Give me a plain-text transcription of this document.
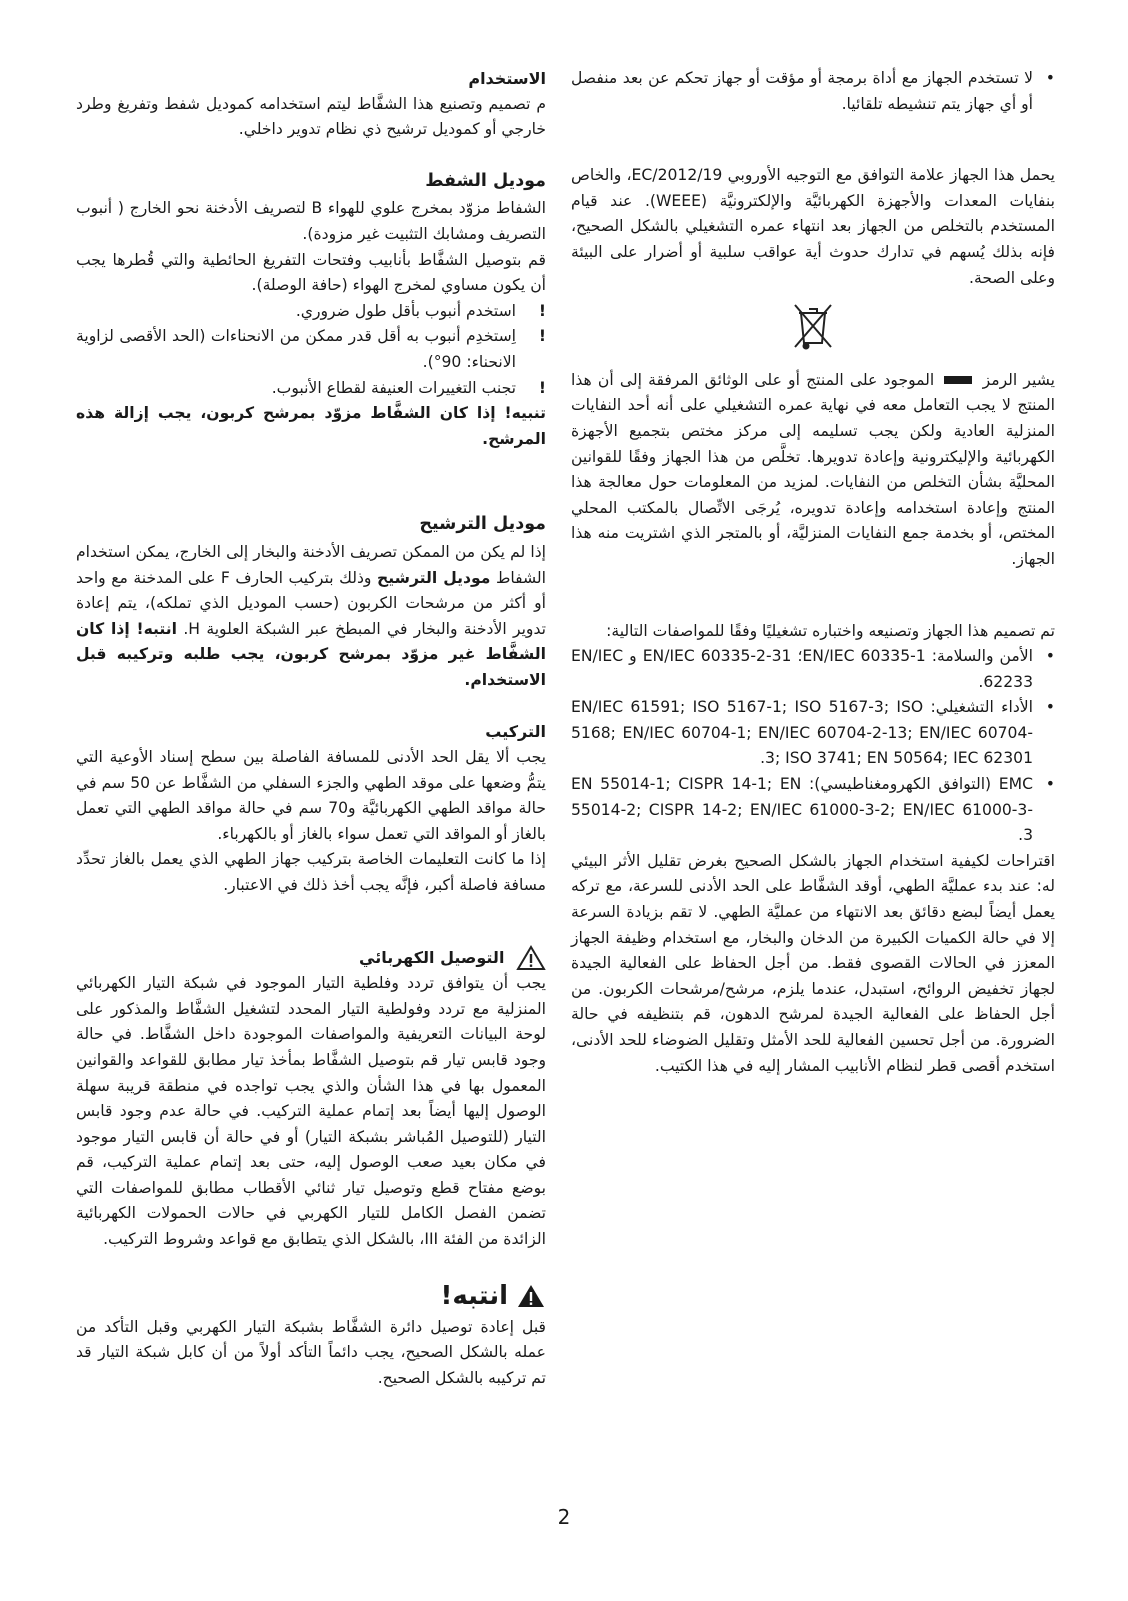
•
لا تستخدم الجهاز مع أداة برمجة أو مؤقت أو جهاز تحكم عن بعد منفصل أو أي جهاز يتم تنشيطه تلقائيا.

يحمل هذا الجهاز علامة التوافق مع التوجيه الأوروبي 2012/19/EC، والخاص بنفايات المعدات والأجهزة الكهربائيَّة والإلكترونيَّة (WEEE). عند قيام المستخدم بالتخلص من الجهاز بعد انتهاء عمره التشغيلي بالشكل الصحيح، فإنه بذلك يُسهم في تدارك حدوث أية عواقب سلبية أو أضرار على البيئة وعلى الصحة.

يشير الرمز  الموجود على المنتج أو على الوثائق المرفقة إلى أن هذا المنتج لا يجب التعامل معه في نهاية عمره التشغيلي على أنه أحد النفايات المنزلية العادية ولكن يجب تسليمه إلى مركز مختص بتجميع الأجهزة الكهربائية والإليكترونية وإعادة تدويرها. تخلَّص من هذا الجهاز وفقًا للقوانين المحليَّة بشأن التخلص من النفايات. لمزيد من المعلومات حول معالجة هذا المنتج وإعادة استخدامه وإعادة تدويره، يُرجَى الاتِّصال بالمكتب المحلي المختص، أو بخدمة جمع النفايات المنزليَّة، أو بالمتجر الذي اشتريت منه هذا الجهاز.

تم تصميم هذا الجهاز وتصنيعه واختباره تشغيليًا وفقًا للمواصفات التالية:

•
الأمن والسلامة: EN/IEC 60335-1؛ EN/IEC 60335-2-31 و EN/IEC 62233.
•
الأداء التشغيلي: EN/IEC 61591; ISO 5167-1; ISO 5167-3; ISO 5168; EN/IEC 60704-1; EN/IEC 60704-2-13; EN/IEC 60704-3; ISO 3741; EN 50564; IEC 62301.
•
EMC (التوافق الكهرومغناطيسي): EN 55014-1; CISPR 14-1; EN 55014-2; CISPR 14-2; EN/IEC 61000-3-2; EN/IEC 61000-3-3.

اقتراحات لكيفية استخدام الجهاز بالشكل الصحيح بغرض تقليل الأثر البيئي له: عند بدء عمليَّة الطهي، أوقد الشفَّاط على الحد الأدنى للسرعة، مع تركه يعمل أيضاً لبضع دقائق بعد الانتهاء من عمليَّة الطهي. لا تقم بزيادة السرعة إلا في حالة الكميات الكبيرة من الدخان والبخار، مع استخدام وظيفة الجهاز المعزز في الحالات القصوى فقط. من أجل الحفاظ على الفعالية الجيدة لجهاز تخفيض الروائح، استبدل، عندما يلزم، مرشح/مرشحات الكربون. من أجل الحفاظ على الفعالية الجيدة لمرشح الدهون، قم بتنظيفه في حالة الضرورة. من أجل تحسين الفعالية للحد الأمثل وتقليل الضوضاء للحد الأدنى، استخدم أقصى قطر لنظام الأنابيب المشار إليه في هذا الكتيب.

الاستخدام

م تصميم وتصنيع هذا الشفَّاط ليتم استخدامه كموديل شفط وتفريغ وطرد خارجي أو كموديل ترشيح ذي نظام تدوير داخلي.

موديل الشفط

الشفاط مزوّد بمخرج علوي للهواء B لتصريف الأدخنة نحو الخارج ( أنبوب التصريف ومشابك التثبيت غير مزودة).

قم بتوصيل الشفَّاط بأنابيب وفتحات التفريغ الحائطية والتي قُطرها يجب أن يكون مساوي لمخرج الهواء (حافة الوصلة).

!
استخدم أنبوب بأقل طول ضروري.
!
اِستخدِم أنبوب به أقل قدر ممكن من الانحناءات (الحد الأقصى لزاوية الانحناء: 90°).
!
تجنب التغييرات العنيفة لقطاع الأنبوب.

تنبيه! إذا كان الشفَّاط مزوّد بمرشح كربون، يجب إزالة هذه المرشح.

موديل الترشيح

إذا لم يكن من الممكن تصريف الأدخنة والبخار إلى الخارج، يمكن استخدام الشفاط موديل الترشيح وذلك بتركيب الحارف F على المدخنة مع واحد أو أكثر من مرشحات الكربون (حسب الموديل الذي تملكه)، يتم إعادة تدوير الأدخنة والبخار في المبطخ عبر الشبكة العلوية H. انتبه! إذا كان الشفَّاط غير مزوّد بمرشح كربون، يجب طلبه وتركيبه قبل الاستخدام.

التركيب

يجب ألا يقل الحد الأدنى للمسافة الفاصلة بين سطح إسناد الأوعية التي يتمُّ وضعها على موقد الطهي والجزء السفلي من الشفَّاط عن 50 سم في حالة مواقد الطهي الكهربائيَّة و70 سم في حالة مواقد الطهي التي تعمل بالغاز أو المواقد التي تعمل سواء بالغاز أو بالكهرباء.

إذا ما كانت التعليمات الخاصة بتركيب جهاز الطهي الذي يعمل بالغاز تحدِّد مسافة فاصلة أكبر، فإنَّه يجب أخذ ذلك في الاعتبار.

التوصيل الكهربائي

يجب أن يتوافق تردد وفلطية التيار الموجود في شبكة التيار الكهربائي المنزلية مع تردد وفولطية التيار المحدد لتشغيل الشفَّاط والمذكور على لوحة البيانات التعريفية والمواصفات الموجودة داخل الشفَّاط. في حالة وجود قابس تيار قم بتوصيل الشفَّاط بمأخذ تيار مطابق للقواعد والقوانين المعمول بها في هذا الشأن والذي يجب تواجده في منطقة قريبة سهلة الوصول إليها أيضاً بعد إتمام عملية التركيب. في حالة عدم وجود قابس التيار (للتوصيل المُباشر بشبكة التيار) أو في حالة أن قابس التيار موجود في مكان بعيد صعب الوصول إليه، حتى بعد إتمام عملية التركيب، قم بوضع مفتاح قطع وتوصيل تيار ثنائي الأقطاب مطابق للمواصفات التي تضمن الفصل الكامل للتيار الكهربي في حالات الحمولات الكهربائية الزائدة من الفئة III، بالشكل الذي يتطابق مع قواعد وشروط التركيب.

انتبه!

قبل إعادة توصيل دائرة الشفَّاط بشبكة التيار الكهربي وقبل التأكد من عمله بالشكل الصحيح، يجب دائماً التأكد أولاً من أن كابل شبكة التيار قد تم تركيبه بالشكل الصحيح.

2
